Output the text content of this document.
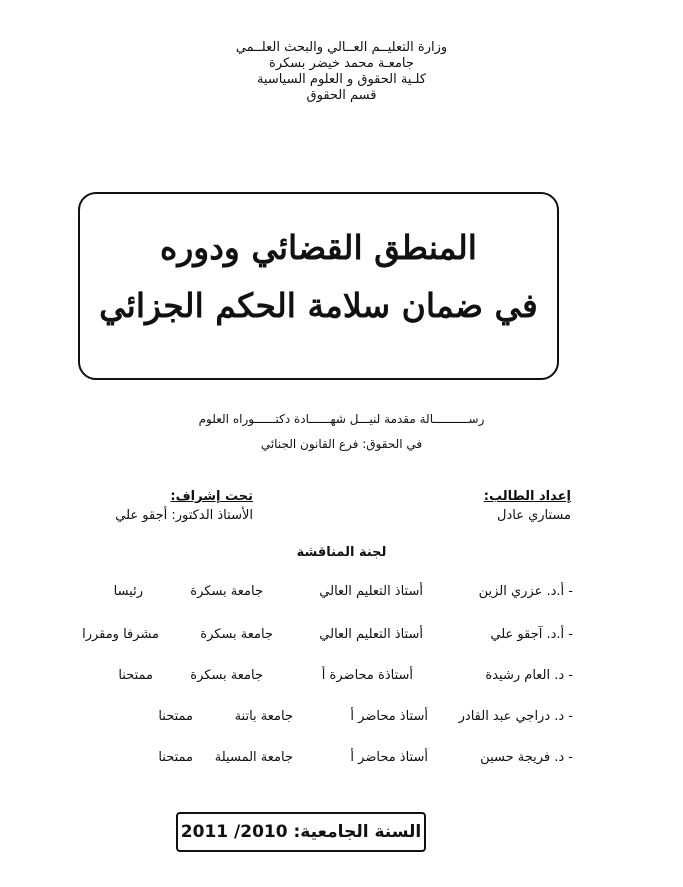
وزارة التعليــم العــالي والبحث العلــمي
جامعـة محمد خيضر بسكرة
كلـية الحقوق و العلوم السياسية
قسم الحقوق
المنطق القضائي ودوره
في ضمان سلامة الحكم الجزائي
رســــــــــالة مقدمة لنيـــل شهــــــادة دكتــــــوراه العلوم
في الحقوق: فرع القانون الجنائي
إعداد الطالب:
مستاري عادل
تحت إشراف:
الأستاذ الدكتور: أجقو علي
لجنة المناقشة
- أ.د. عزري الزين
أستاذ التعليم العالي
جامعة بسكرة
رئيسا
- أ.د. آجقو علي
أستاذ التعليم العالي
جامعة بسكرة
مشرفا ومقررا
- د. العام رشيدة
أستاذة محاضرة أ
جامعة بسكرة
ممتحنا
- د. دراجي عبد القادر
أستاذ محاضر أ
جامعة باتنة
ممتحنا
- د. فريجة حسين
أستاذ محاضر أ
جامعة المسيلة
ممتحنا
السنة الجامعية: 2010/ 2011
